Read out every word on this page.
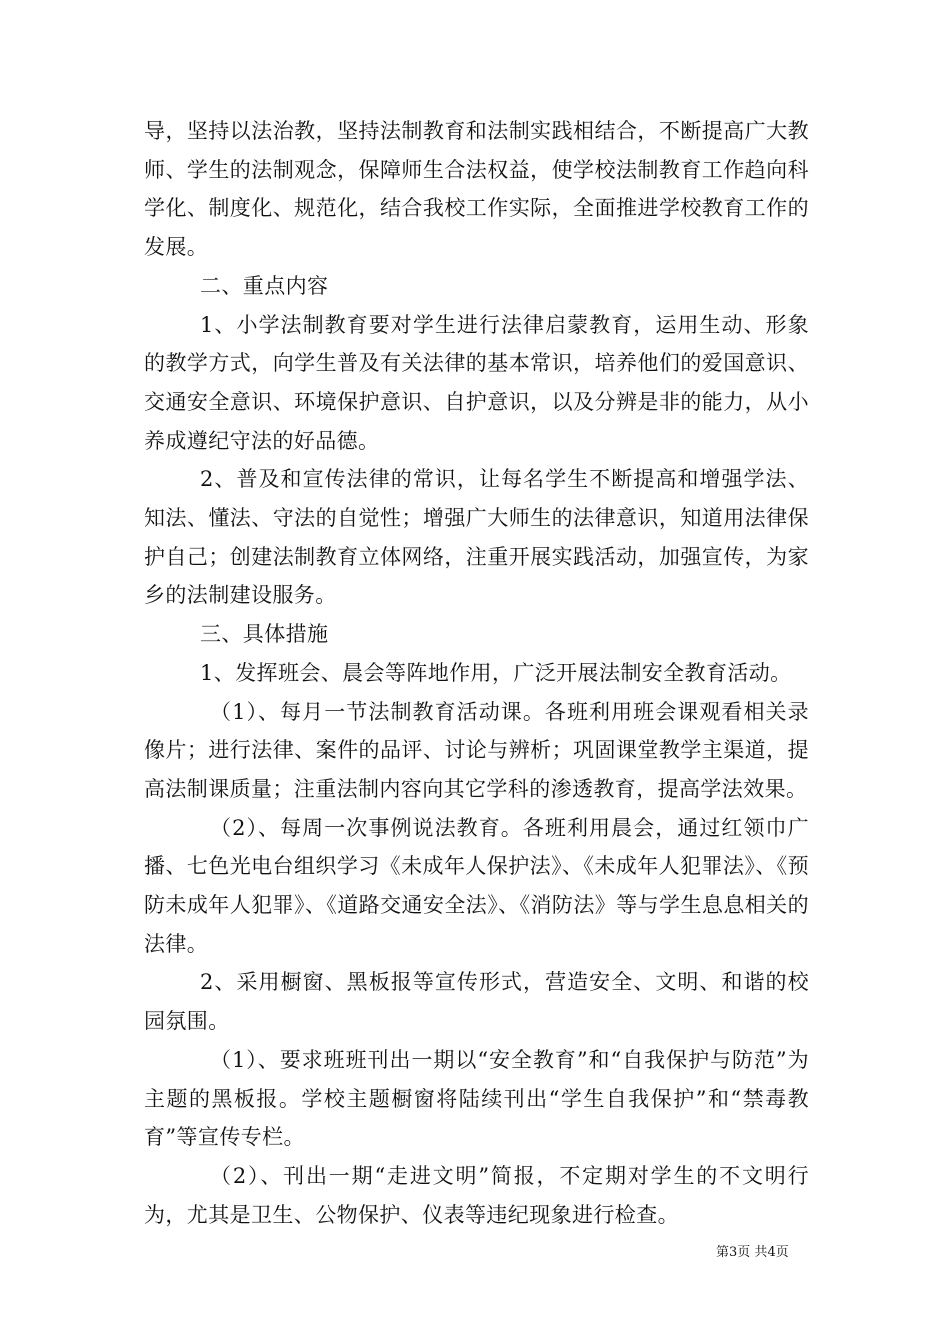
导，坚持以法治教，坚持法制教育和法制实践相结合，不断提高广大教师、学生的法制观念，保障师生合法权益，使学校法制教育工作趋向科学化、制度化、规范化，结合我校工作实际，全面推进学校教育工作的发展。

二、重点内容

1、小学法制教育要对学生进行法律启蒙教育，运用生动、形象的教学方式，向学生普及有关法律的基本常识，培养他们的爱国意识、交通安全意识、环境保护意识、自护意识，以及分辨是非的能力，从小养成遵纪守法的好品德。

2、普及和宣传法律的常识，让每名学生不断提高和增强学法、知法、懂法、守法的自觉性；增强广大师生的法律意识，知道用法律保护自己；创建法制教育立体网络，注重开展实践活动，加强宣传，为家乡的法制建设服务。

三、具体措施

1、发挥班会、晨会等阵地作用，广泛开展法制安全教育活动。

（1）、每月一节法制教育活动课。各班利用班会课观看相关录像片；进行法律、案件的品评、讨论与辨析；巩固课堂教学主渠道，提高法制课质量；注重法制内容向其它学科的渗透教育，提高学法效果。

（2）、每周一次事例说法教育。各班利用晨会，通过红领巾广播、七色光电台组织学习《未成年人保护法》、《未成年人犯罪法》、《预防未成年人犯罪》、《道路交通安全法》、《消防法》等与学生息息相关的法律。

2、采用橱窗、黑板报等宣传形式，营造安全、文明、和谐的校园氛围。

（1）、要求班班刊出一期以“安全教育”和“自我保护与防范”为主题的黑板报。学校主题橱窗将陆续刊出“学生自我保护”和“禁毒教育”等宣传专栏。

（2）、刊出一期“走进文明”简报，不定期对学生的不文明行为，尤其是卫生、公物保护、仪表等违纪现象进行检查。

第3页 共4页
